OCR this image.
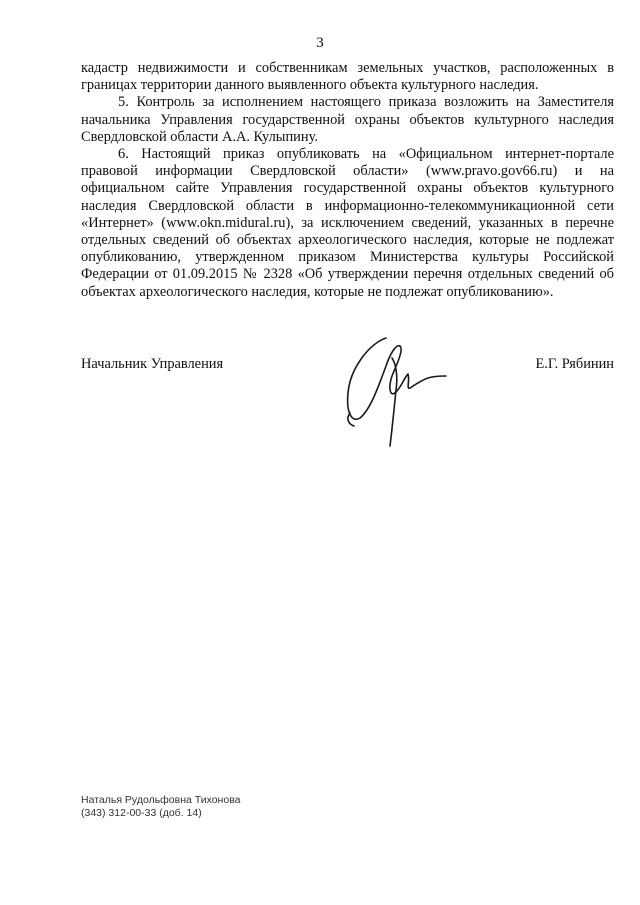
3

кадастр недвижимости и собственникам земельных участков, расположенных в границах территории данного выявленного объекта культурного наследия.

5. Контроль за исполнением настоящего приказа возложить на Заместителя начальника Управления государственной охраны объектов культурного наследия Свердловской области А.А. Кулыпину.

6. Настоящий приказ опубликовать на «Официальном интернет-портале правовой информации Свердловской области» (www.pravo.gov66.ru) и на официальном сайте Управления государственной охраны объектов культурного наследия Свердловской области в информационно-телекоммуникационной сети «Интернет» (www.okn.midural.ru), за исключением сведений, указанных в перечне отдельных сведений об объектах археологического наследия, которые не подлежат опубликованию, утвержденном приказом Министерства культуры Российской Федерации от 01.09.2015 № 2328 «Об утверждении перечня отдельных сведений об объектах археологического наследия, которые не подлежат опубликованию».

Начальник Управления	Е.Г. Рябинин
Наталья Рудольфовна Тихонова
(343) 312-00-33 (доб. 14)
